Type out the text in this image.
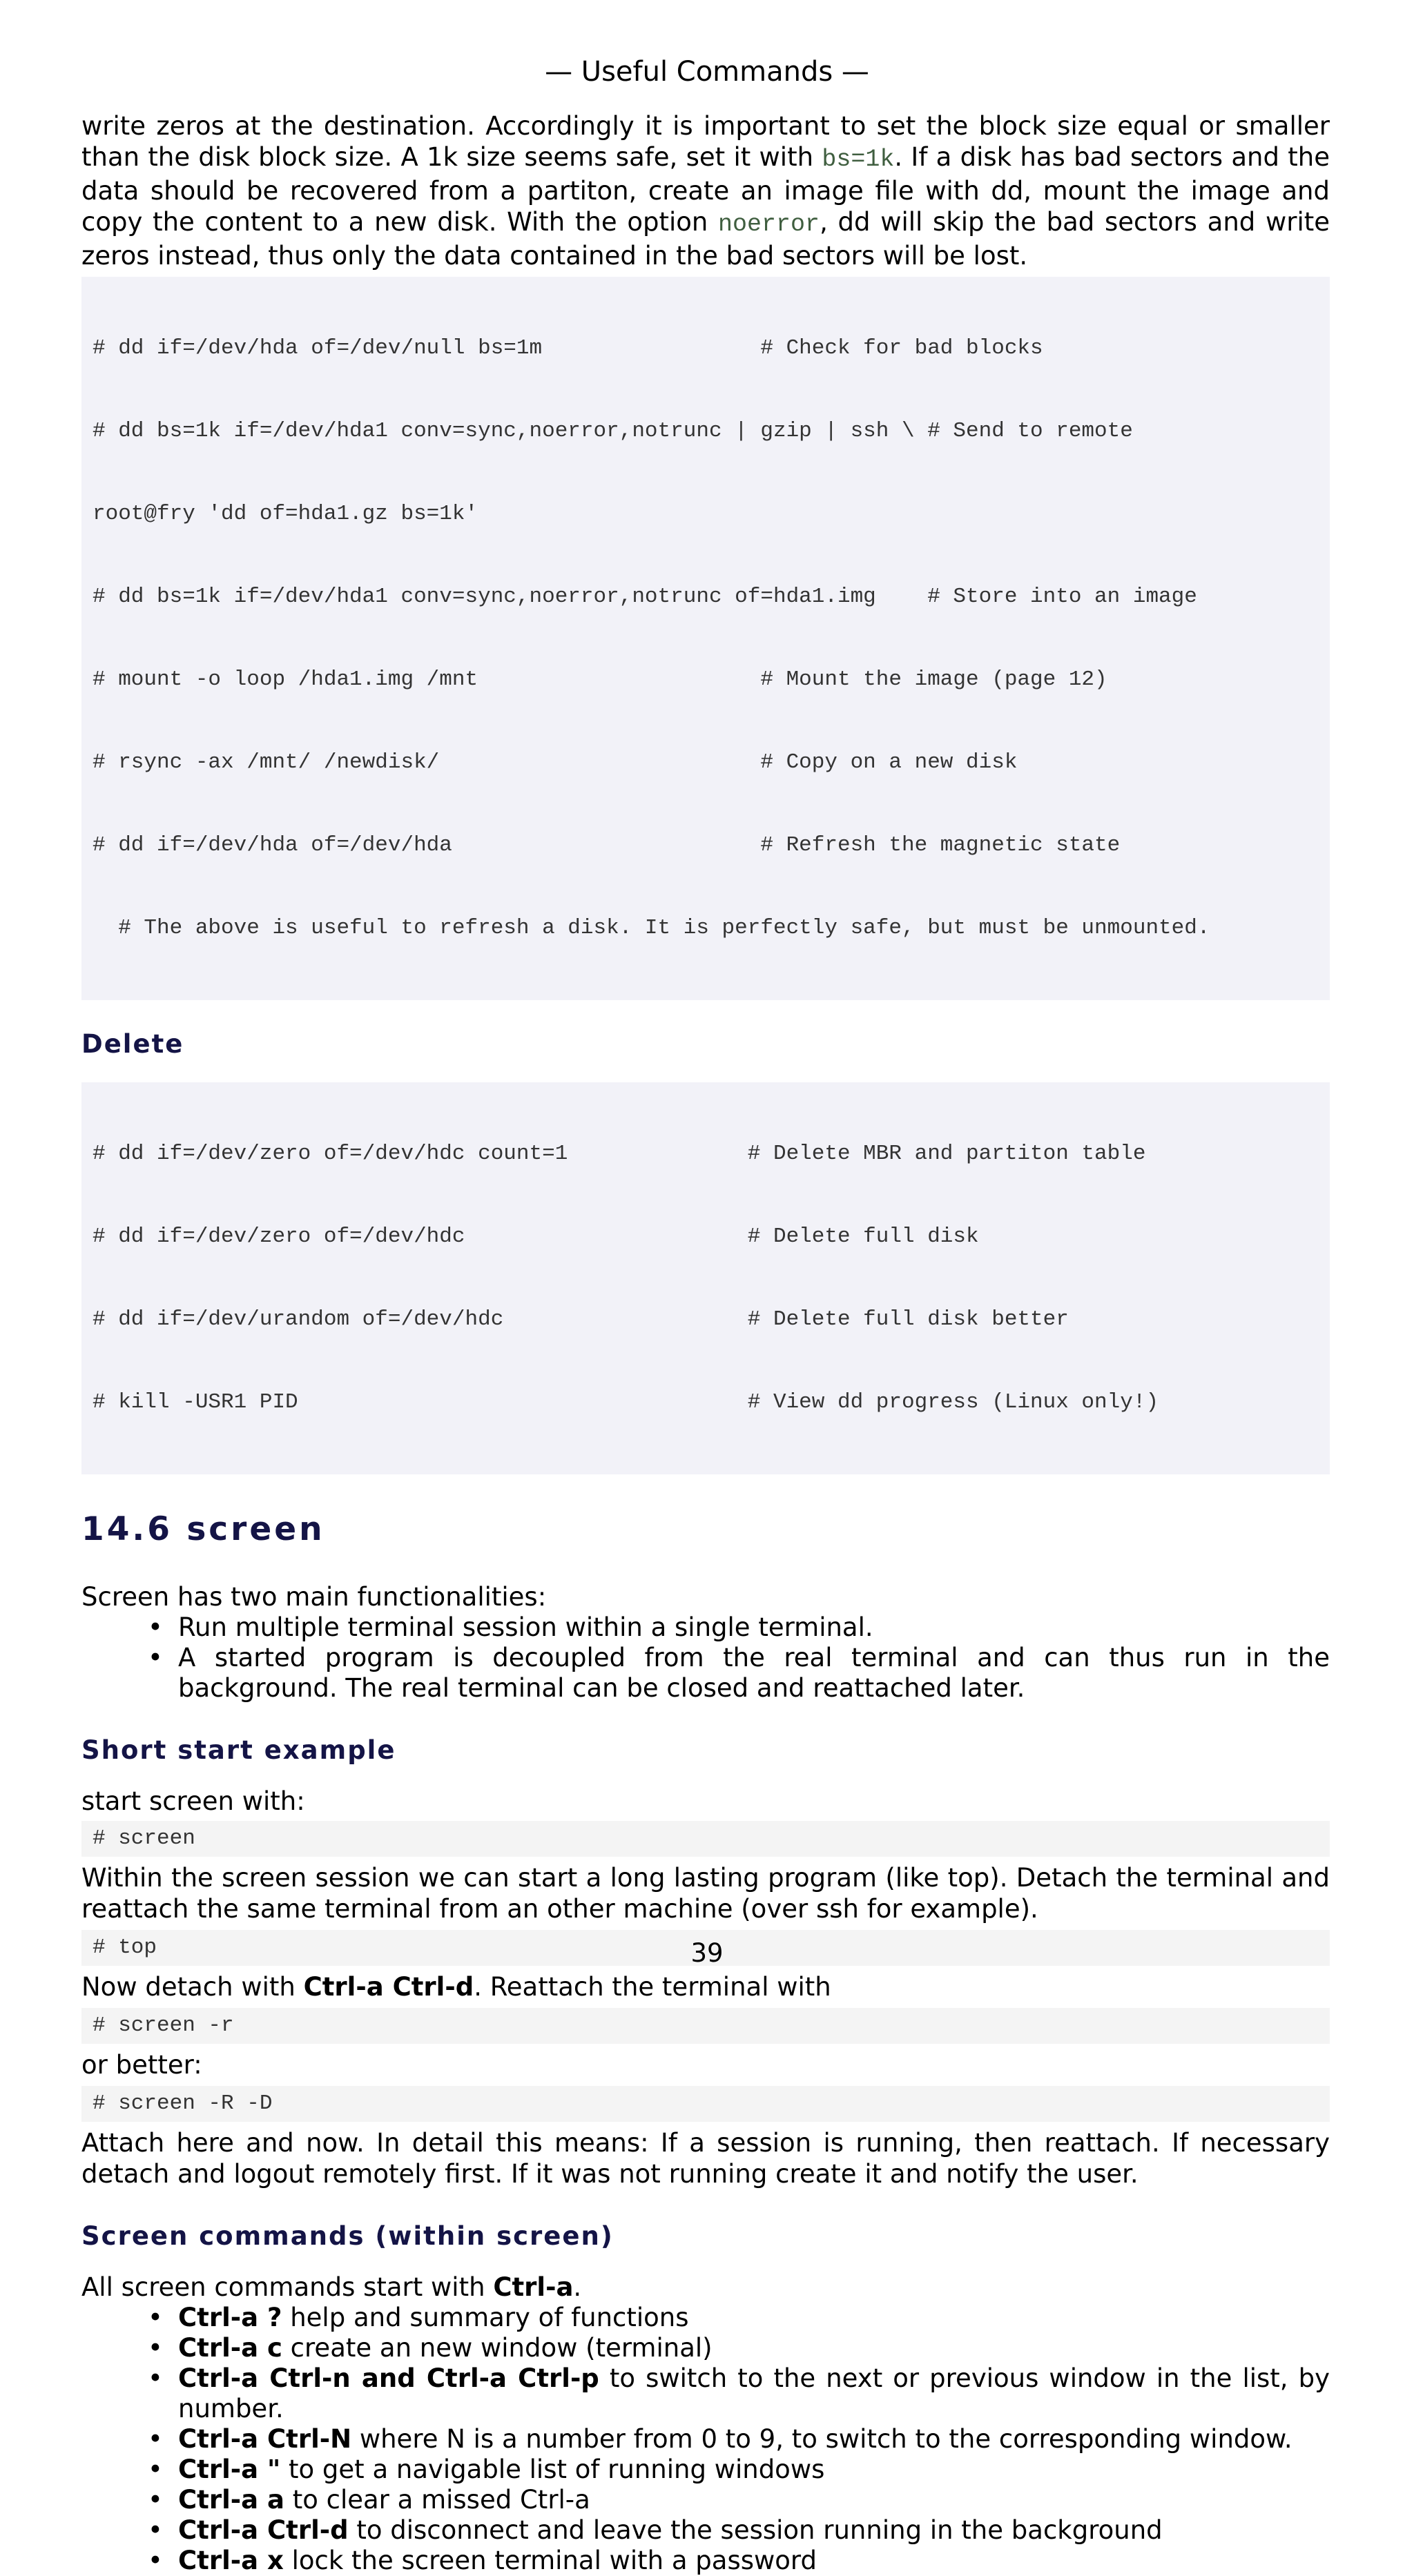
— Useful Commands —

write zeros at the destination. Accordingly it is important to set the block size equal or smaller than the disk block size. A 1k size seems safe, set it with bs=1k. If a disk has bad sectors and the data should be recovered from a partiton, create an image file with dd, mount the image and copy the content to a new disk. With the option noerror, dd will skip the bad sectors and write zeros instead, thus only the data contained in the bad sectors will be lost.

# dd if=/dev/hda of=/dev/null bs=1m                 # Check for bad blocks

# dd bs=1k if=/dev/hda1 conv=sync,noerror,notrunc | gzip | ssh \ # Send to remote

root@fry 'dd of=hda1.gz bs=1k'

# dd bs=1k if=/dev/hda1 conv=sync,noerror,notrunc of=hda1.img    # Store into an image

# mount -o loop /hda1.img /mnt                      # Mount the image (page 12)

# rsync -ax /mnt/ /newdisk/                         # Copy on a new disk

# dd if=/dev/hda of=/dev/hda                        # Refresh the magnetic state

# The above is useful to refresh a disk. It is perfectly safe, but must be unmounted.

Delete

# dd if=/dev/zero of=/dev/hdc count=1              # Delete MBR and partiton table

# dd if=/dev/zero of=/dev/hdc                      # Delete full disk

# dd if=/dev/urandom of=/dev/hdc                   # Delete full disk better

# kill -USR1 PID                                   # View dd progress (Linux only!)

14.6 screen

Screen has two main functionalities:

• Run multiple terminal session within a single terminal.
• A started program is decoupled from the real terminal and can thus run in the background. The real terminal can be closed and reattached later.
Short start example

start screen with:

# screen

Within the screen session we can start a long lasting program (like top). Detach the terminal and reattach the same terminal from an other machine (over ssh for example).

# top

Now detach with Ctrl-a Ctrl-d. Reattach the terminal with

# screen -r

or better:

# screen -R -D

Attach here and now. In detail this means: If a session is running, then reattach. If necessary detach and logout remotely first. If it was not running create it and notify the user.

Screen commands (within screen)

All screen commands start with Ctrl-a.

• Ctrl-a ? help and summary of functions
• Ctrl-a c create an new window (terminal)
• Ctrl-a Ctrl-n and Ctrl-a Ctrl-p to switch to the next or previous window in the list, by number.
• Ctrl-a Ctrl-N where N is a number from 0 to 9, to switch to the corresponding window.
• Ctrl-a " to get a navigable list of running windows
• Ctrl-a a to clear a missed Ctrl-a
• Ctrl-a Ctrl-d to disconnect and leave the session running in the background
• Ctrl-a x lock the screen terminal with a password
39
